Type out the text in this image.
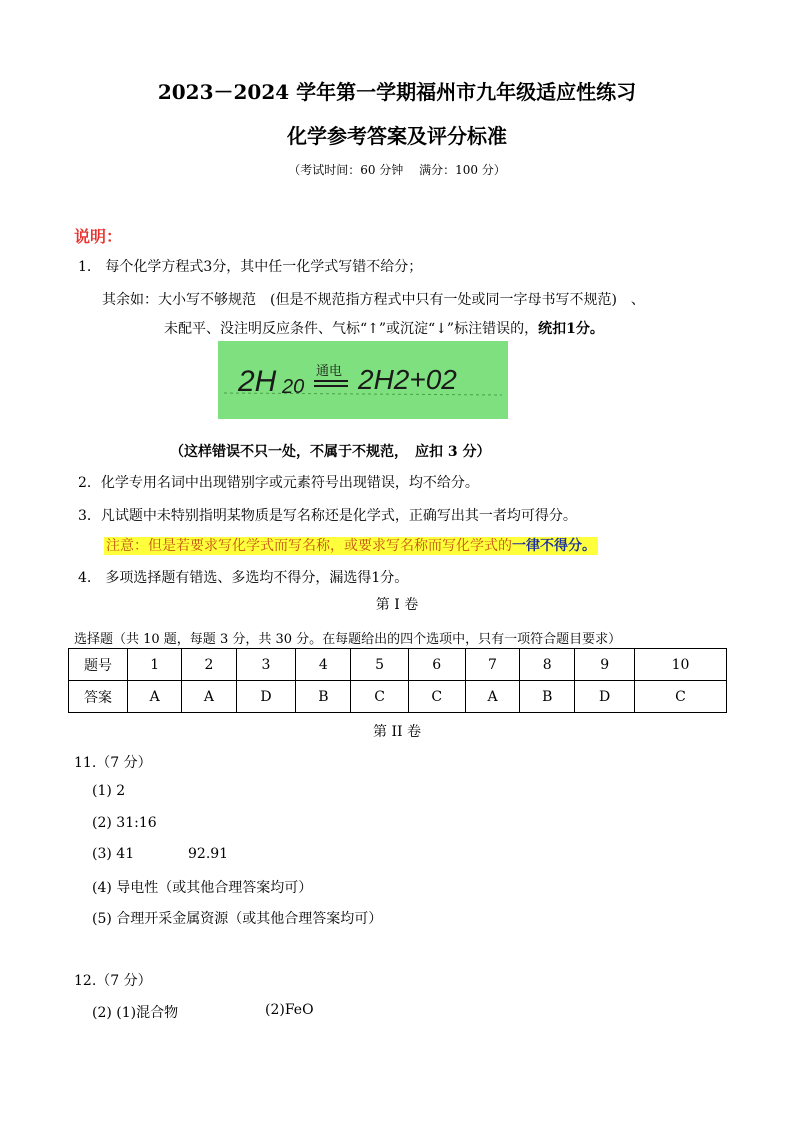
2023－2024 学年第一学期福州市九年级适应性练习
化学参考答案及评分标准
（考试时间：60 分钟　 满分：100 分）
说明：
1.　每个化学方程式3分，其中任一化学式写错不给分；
其余如：大小写不够规范　(但是不规范指方程式中只有一处或同一字母书写不规范)　、
未配平、没注明反应条件、气标“↑”或沉淀“↓”标注错误的，统扣1分。
2H 20
通电 2H2+02
（这样错误不只一处，不属于不规范，　应扣 3 分）
2．化学专用名词中出现错别字或元素符号出现错误，均不给分。
3．凡试题中未特别指明某物质是写名称还是化学式，正确写出其一者均可得分。
注意：但是若要求写化学式而写名称，或要求写名称而写化学式的一律不得分。
4.　多项选择题有错选、多选均不得分，漏选得1分。
第 I 卷
选择题（共 10 题，每题 3 分，共 30 分。在每题给出的四个选项中，只有一项符合题目要求）
题号	1	2	3	4	5	6	7	8	9	10
答案	A	A	D	B	C	C	A	B	D	C
第 II 卷
11.（7 分）
(1) 2
(2) 31:16
(3) 41	92.91
(4) 导电性（或其他合理答案均可）
(5) 合理开采金属资源（或其他合理答案均可）
12.（7 分）
(2) (1)混合物	(2)FeO
